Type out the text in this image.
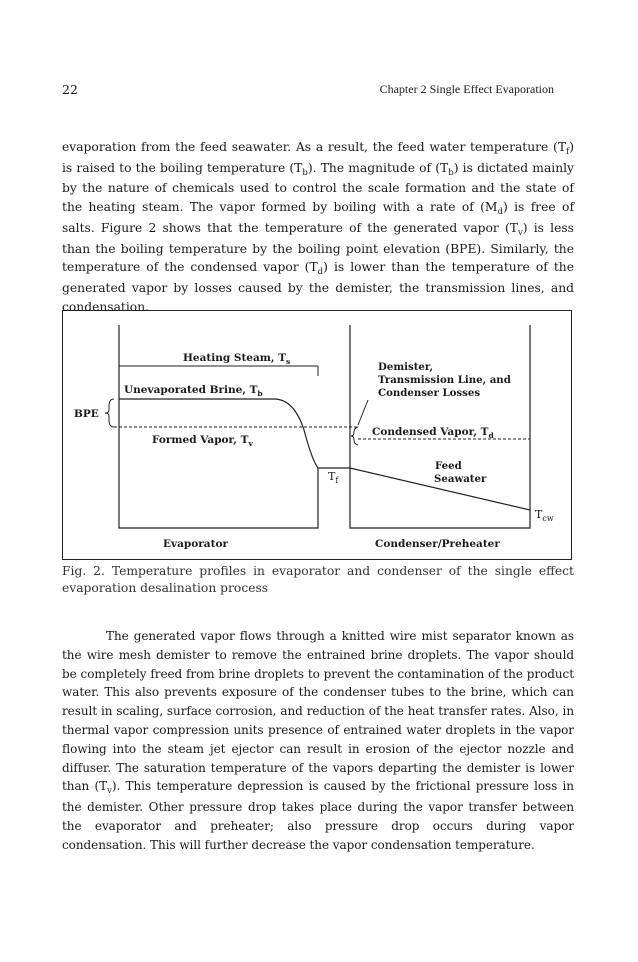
22	Chapter 2 Single Effect Evaporation

evaporation from the feed seawater. As a result, the feed water temperature $(T_f)$ is raised to the boiling temperature $(T_b)$. The magnitude of $(T_b)$ is dictated mainly by the nature of chemicals used to control the scale formation and the state of the heating steam. The vapor formed by boiling with a rate of $(M_d)$ is free of salts. Figure 2 shows that the temperature of the generated vapor $(T_v)$ is less than the boiling temperature by the boiling point elevation (BPE). Similarly, the temperature of the condensed vapor $(T_d)$ is lower than the temperature of the generated vapor by losses caused by the demister, the transmission lines, and condensation.

Heating Steam, $T_s$
Unevaporated Brine, $T_b$
BPE
Formed Vapor, $T_v$
$T_f$
Demister,
Transmission Line, and
Condenser Losses
Condensed Vapor, $T_d$
Feed
Seawater
$T_{cw}$
Evaporator	Condenser/Preheater

Fig. 2. Temperature profiles in evaporator and condenser of the single effect evaporation desalination process

The generated vapor flows through a knitted wire mist separator known as the wire mesh demister to remove the entrained brine droplets. The vapor should be completely freed from brine droplets to prevent the contamination of the product water. This also prevents exposure of the condenser tubes to the brine, which can result in scaling, surface corrosion, and reduction of the heat transfer rates. Also, in thermal vapor compression units presence of entrained water droplets in the vapor flowing into the steam jet ejector can result in erosion of the ejector nozzle and diffuser. The saturation temperature of the vapors departing the demister is lower than $(T_v)$. This temperature depression is caused by the frictional pressure loss in the demister. Other pressure drop takes place during the vapor transfer between the evaporator and preheater; also pressure drop occurs during vapor condensation. This will further decrease the vapor condensation temperature.
